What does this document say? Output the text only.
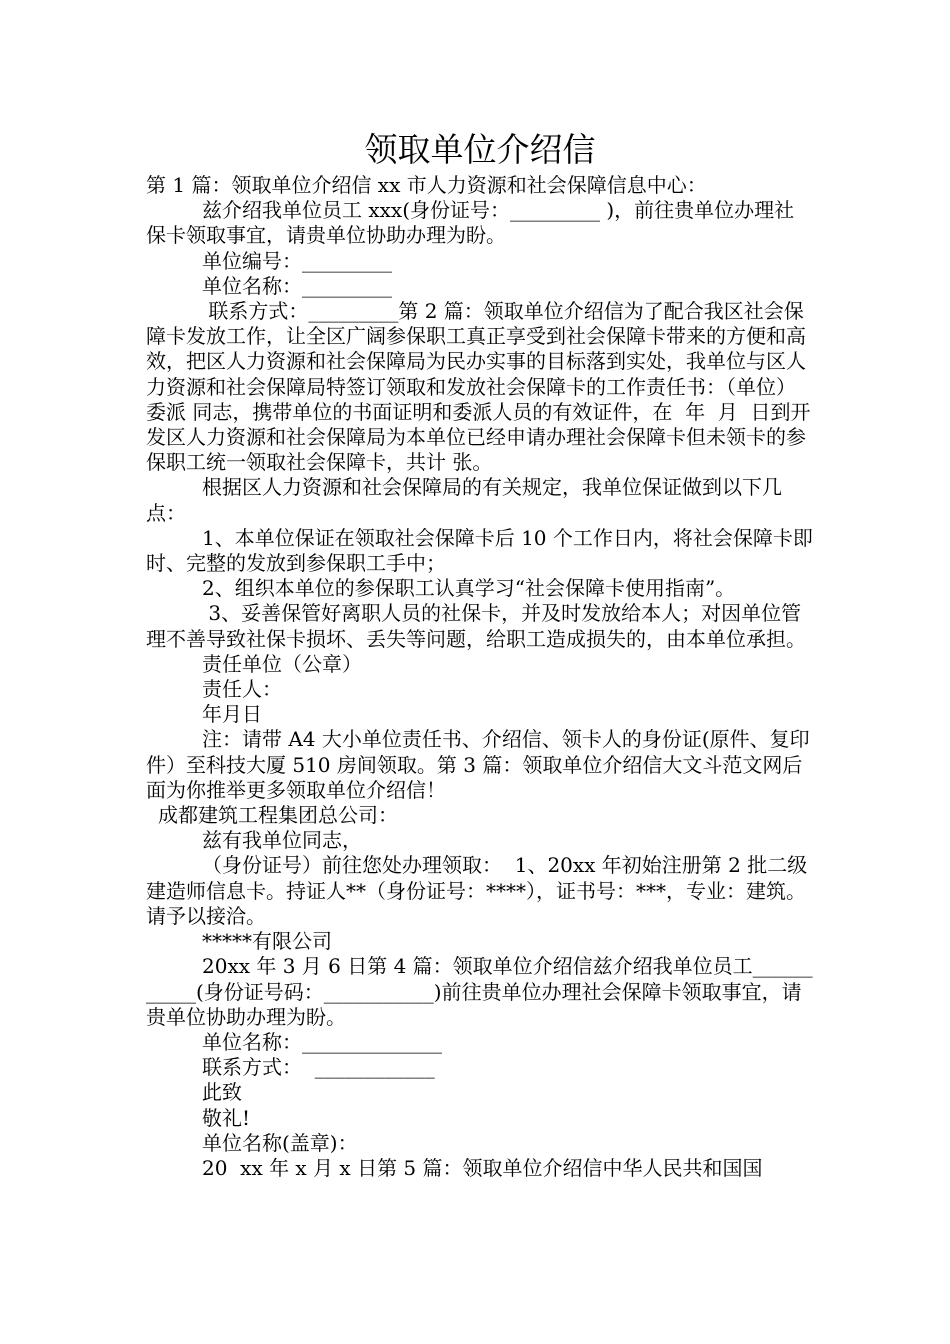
领取单位介绍信

第 1 篇：领取单位介绍信 xx 市人力资源和社会保障信息中心：

兹介绍我单位员工 xxx(身份证号：_________ )，前往贵单位办理社保卡领取事宜，请贵单位协助办理为盼。

单位编号：_________

单位名称：_________

联系方式：_________第 2 篇：领取单位介绍信为了配合我区社会保障卡发放工作，让全区广阔参保职工真正享受到社会保障卡带来的方便和高效，把区人力资源和社会保障局为民办实事的目标落到实处，我单位与区人力资源和社会保障局特签订领取和发放社会保障卡的工作责任书：（单位）委派 同志，携带单位的书面证明和委派人员的有效证件，在  年  月  日到开发区人力资源和社会保障局为本单位已经申请办理社会保障卡但未领卡的参保职工统一领取社会保障卡，共计 张。

根据区人力资源和社会保障局的有关规定，我单位保证做到以下几点：

1、本单位保证在领取社会保障卡后 10 个工作日内，将社会保障卡即时、完整的发放到参保职工手中；

2、组织本单位的参保职工认真学习“社会保障卡使用指南”。

3、妥善保管好离职人员的社保卡，并及时发放给本人；对因单位管理不善导致社保卡损坏、丢失等问题，给职工造成损失的，由本单位承担。

责任单位（公章）

责任人：

年月日

注：请带 A4 大小单位责任书、介绍信、领卡人的身份证(原件、复印件）至科技大厦 510 房间领取。第 3 篇：领取单位介绍信大文斗范文网后面为你推举更多领取单位介绍信！

成都建筑工程集团总公司：

兹有我单位同志，

（身份证号）前往您处办理领取：  1、20xx 年初始注册第 2 批二级建造师信息卡。持证人**（身份证号：****），证书号：***，专业：建筑。请予以接洽。

*****有限公司

20xx 年 3 月 6 日第 4 篇：领取单位介绍信兹介绍我单位员工___________(身份证号码：___________)前往贵单位办理社会保障卡领取事宜，请贵单位协助办理为盼。

单位名称：______________

联系方式：  ____________

此致

敬礼!

单位名称(盖章)：

20  xx 年 x 月 x 日第 5 篇：领取单位介绍信中华人民共和国国
